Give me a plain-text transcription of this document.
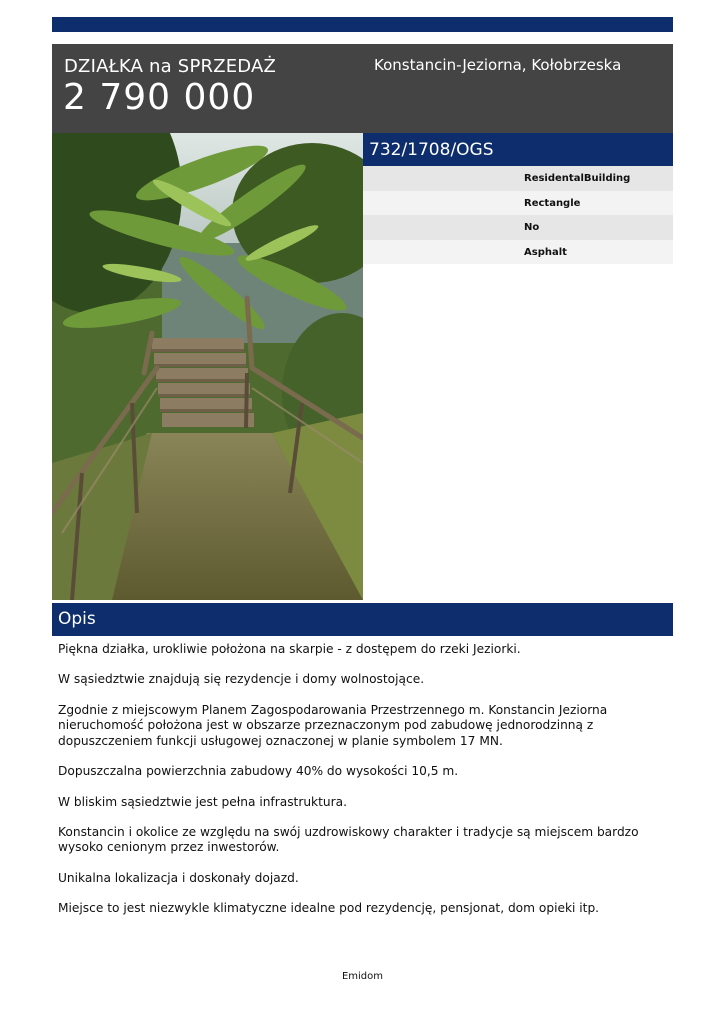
DZIAŁKA na SPRZEDAŻ
2 790 000
Konstancin-Jeziorna, Kołobrzeska
732/1708/OGS
ResidentalBuilding
Rectangle
No
Asphalt
Opis

Piękna działka, urokliwie położona na skarpie - z dostępem do rzeki Jeziorki.

W sąsiedztwie znajdują się rezydencje i domy wolnostojące.

Zgodnie z miejscowym Planem Zagospodarowania Przestrzennego m. Konstancin Jeziorna nieruchomość położona jest w obszarze przeznaczonym pod zabudowę jednorodzinną z dopuszczeniem funkcji usługowej oznaczonej w planie symbolem 17 MN.

Dopuszczalna powierzchnia zabudowy 40% do wysokości 10,5 m.

W bliskim sąsiedztwie jest pełna infrastruktura.

Konstancin i okolice ze względu na swój uzdrowiskowy charakter i tradycje są miejscem bardzo wysoko cenionym przez inwestorów.

Unikalna lokalizacja i doskonały dojazd.

Miejsce to jest niezwykle klimatyczne idealne pod rezydencję, pensjonat, dom opieki itp.

Emidom
